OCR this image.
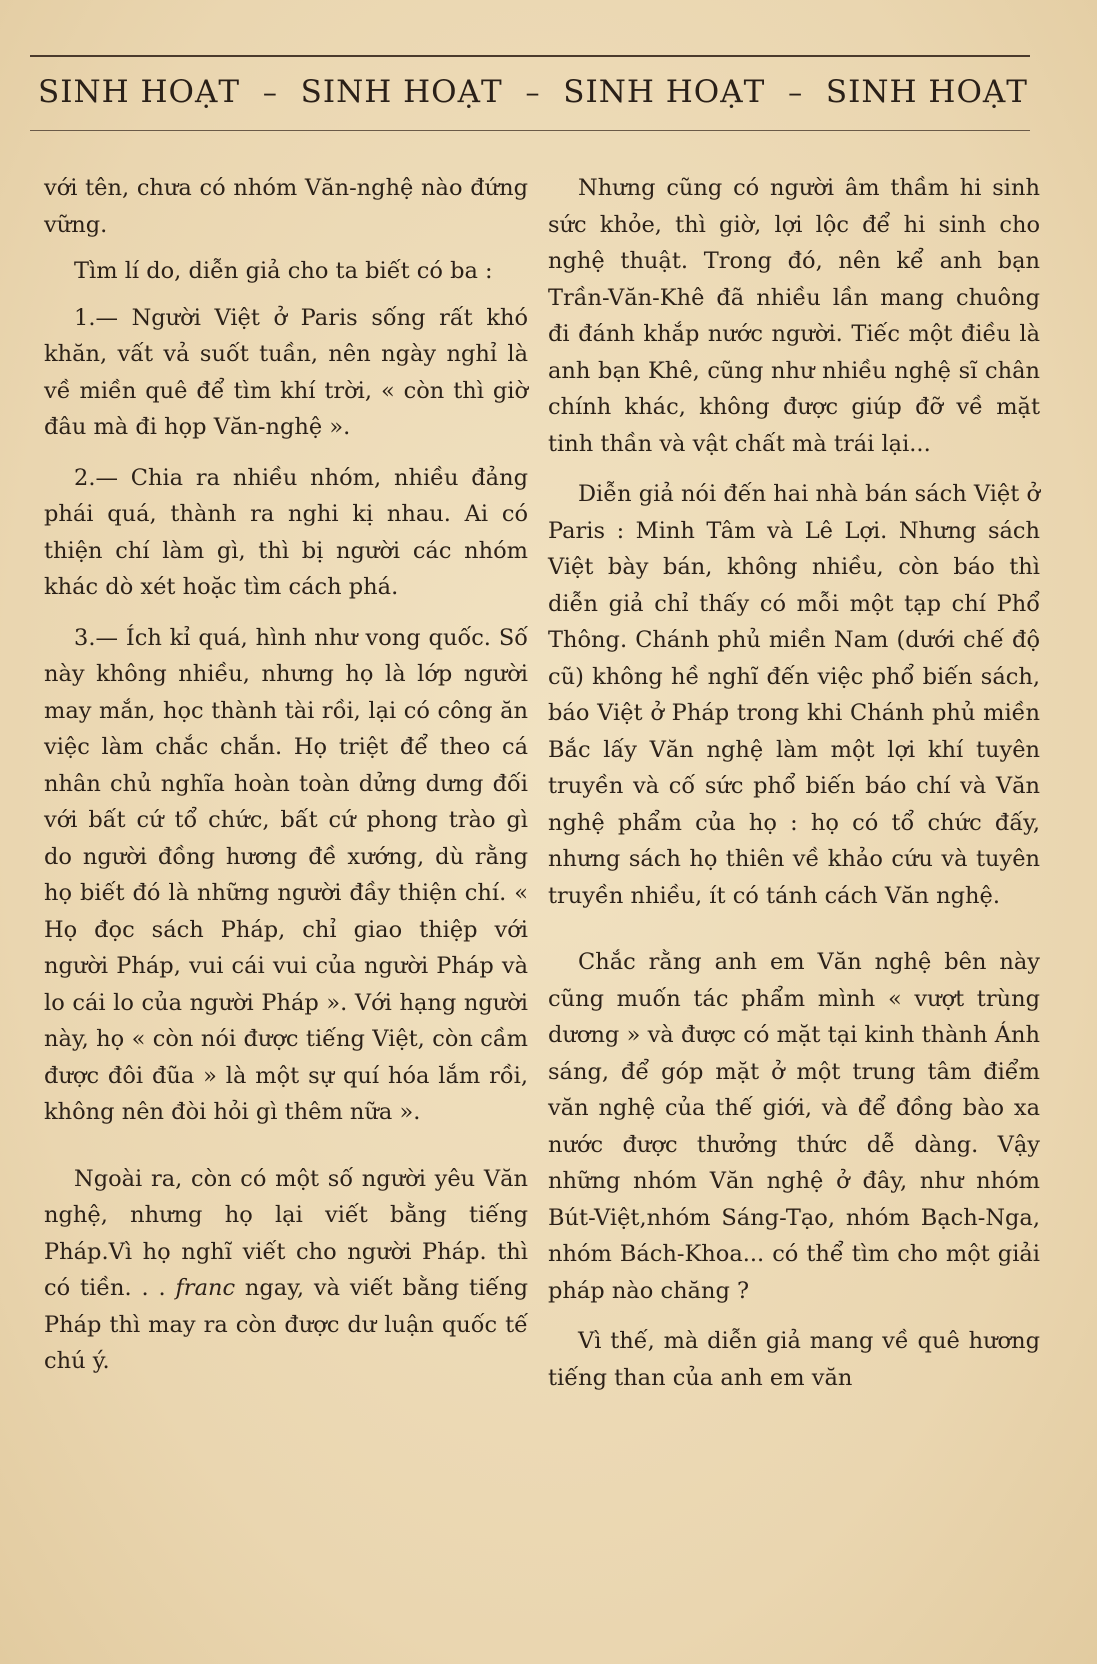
SINH HOẠT – SINH HOẠT – SINH HOẠT – SINH HOẠT

với tên, chưa có nhóm Văn-nghệ nào đứng vững.

Tìm lí do, diễn giả cho ta biết có ba :

1.— Người Việt ở Paris sống rất khó khăn, vất vả suốt tuần, nên ngày nghỉ là về miền quê để tìm khí trời, « còn thì giờ đâu mà đi họp Văn-nghệ ».

2.— Chia ra nhiều nhóm, nhiều đảng phái quá, thành ra nghi kị nhau. Ai có thiện chí làm gì, thì bị người các nhóm khác dò xét hoặc tìm cách phá.

3.— Ích kỉ quá, hình như vong quốc. Số này không nhiều, nhưng họ là lớp người may mắn, học thành tài rồi, lại có công ăn việc làm chắc chắn. Họ triệt để theo cá nhân chủ nghĩa hoàn toàn dửng dưng đối với bất cứ tổ chức, bất cứ phong trào gì do người đồng hương đề xướng, dù rằng họ biết đó là những người đầy thiện chí. « Họ đọc sách Pháp, chỉ giao thiệp với người Pháp, vui cái vui của người Pháp và lo cái lo của người Pháp ». Với hạng người này, họ « còn nói được tiếng Việt, còn cầm được đôi đũa » là một sự quí hóa lắm rồi, không nên đòi hỏi gì thêm nữa ».

Ngoài ra, còn có một số người yêu Văn nghệ, nhưng họ lại viết bằng tiếng Pháp.Vì họ nghĩ viết cho người Pháp. thì có tiền. . . franc ngay, và viết bằng tiếng Pháp thì may ra còn được dư luận quốc tế chú ý.

Nhưng cũng có người âm thầm hi sinh sức khỏe, thì giờ, lợi lộc để hi sinh cho nghệ thuật. Trong đó, nên kể anh bạn Trần-Văn-Khê đã nhiều lần mang chuông đi đánh khắp nước người. Tiếc một điều là anh bạn Khê, cũng như nhiều nghệ sĩ chân chính khác, không được giúp đỡ về mặt tinh thần và vật chất mà trái lại...

Diễn giả nói đến hai nhà bán sách Việt ở Paris : Minh Tâm và Lê Lợi. Nhưng sách Việt bày bán, không nhiều, còn báo thì diễn giả chỉ thấy có mỗi một tạp chí Phổ Thông. Chánh phủ miền Nam (dưới chế độ cũ) không hề nghĩ đến việc phổ biến sách, báo Việt ở Pháp trong khi Chánh phủ miền Bắc lấy Văn nghệ làm một lợi khí tuyên truyền và cố sức phổ biến báo chí và Văn nghệ phẩm của họ : họ có tổ chức đấy, nhưng sách họ thiên về khảo cứu và tuyên truyền nhiều, ít có tánh cách Văn nghệ.

Chắc rằng anh em Văn nghệ bên này cũng muốn tác phẩm mình « vượt trùng dương » và được có mặt tại kinh thành Ánh sáng, để góp mặt ở một trung tâm điểm văn nghệ của thế giới, và để đồng bào xa nước được thưởng thức dễ dàng. Vậy những nhóm Văn nghệ ở đây, như nhóm Bút-Việt,nhóm Sáng-Tạo, nhóm Bạch-Nga, nhóm Bách-Khoa... có thể tìm cho một giải pháp nào chăng ?

Vì thế, mà diễn giả mang về quê hương tiếng than của anh em văn
